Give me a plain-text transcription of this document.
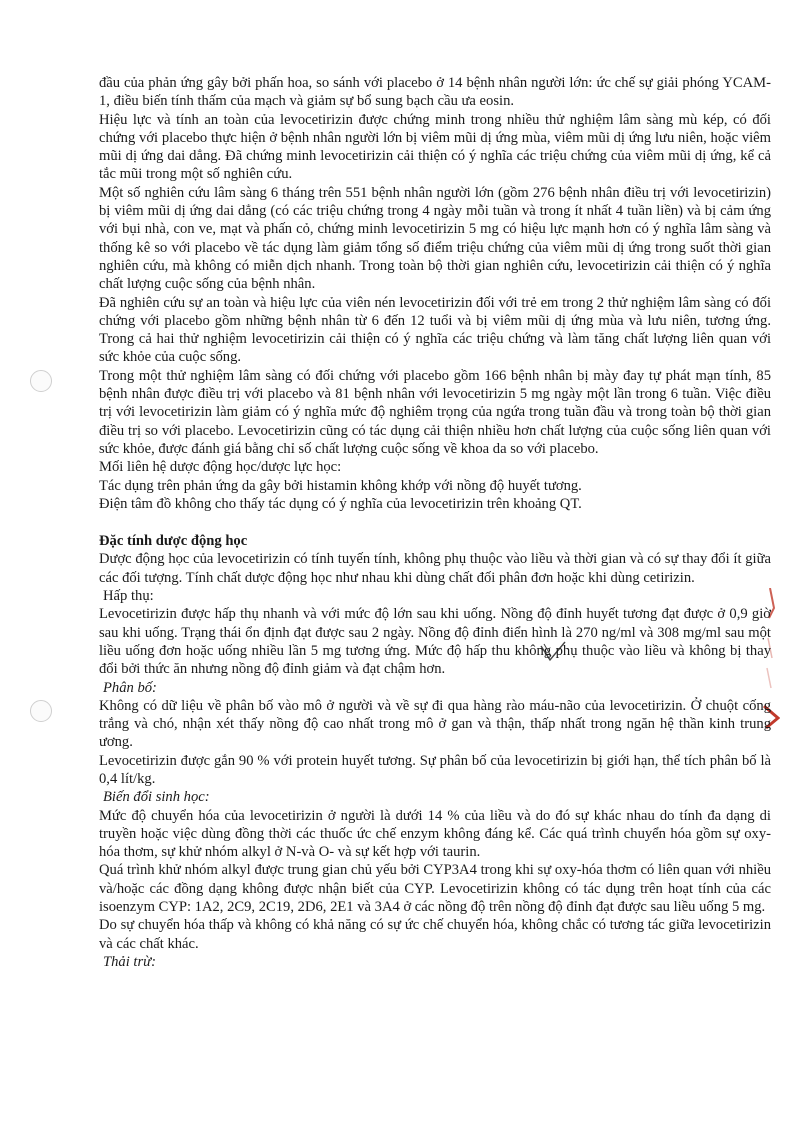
đầu của phản ứng gây bởi phấn hoa, so sánh với placebo ở 14 bệnh nhân người lớn: ức chế sự giải phóng YCAM-1, điều biến tính thấm của mạch và giảm sự bổ sung bạch cầu ưa eosin.

Hiệu lực và tính an toàn của levocetirizin được chứng minh trong nhiều thử nghiệm lâm sàng mù kép, có đối chứng với placebo thực hiện ở bệnh nhân người lớn bị viêm mũi dị ứng mùa, viêm mũi dị ứng lưu niên, hoặc viêm mũi dị ứng dai dẳng. Đã chứng minh levocetirizin cải thiện có ý nghĩa các triệu chứng của viêm mũi dị ứng, kể cả tắc mũi trong một số nghiên cứu.

Một số nghiên cứu lâm sàng 6 tháng trên 551 bệnh nhân người lớn (gồm 276 bệnh nhân điều trị với levocetirizin) bị viêm mũi dị ứng dai dẳng (có các triệu chứng trong 4 ngày mỗi tuần và trong ít nhất 4 tuần liền) và bị cảm ứng với bụi nhà, con ve, mạt và phấn cỏ, chứng minh levocetirizin 5 mg có hiệu lực mạnh hơn có ý nghĩa lâm sàng và thống kê so với placebo về tác dụng làm giảm tổng số điểm triệu chứng của viêm mũi dị ứng trong suốt thời gian nghiên cứu, mà không có miễn dịch nhanh. Trong toàn bộ thời gian nghiên cứu, levocetirizin cải thiện có ý nghĩa chất lượng cuộc sống của bệnh nhân.

Đã nghiên cứu sự an toàn và hiệu lực của viên nén levocetirizin đối với trẻ em trong 2 thử nghiệm lâm sàng có đối chứng với placebo gồm những bệnh nhân từ 6 đến 12 tuổi và bị viêm mũi dị ứng mùa và lưu niên, tương ứng. Trong cả hai thử nghiệm levocetirizin cải thiện có ý nghĩa các triệu chứng và làm tăng chất lượng liên quan với sức khỏe của cuộc sống.

Trong một thử nghiệm lâm sàng có đối chứng với placebo gồm 166 bệnh nhân bị mày đay tự phát mạn tính, 85 bệnh nhân được điều trị với placebo và 81 bệnh nhân với levocetirizin 5 mg ngày một lần trong 6 tuần. Việc điều trị với levocetirizin làm giảm có ý nghĩa mức độ nghiêm trọng của ngứa trong tuần đầu và trong toàn bộ thời gian điều trị so với placebo. Levocetirizin cũng có tác dụng cải thiện nhiều hơn chất lượng của cuộc sống liên quan với sức khỏe, được đánh giá bằng chỉ số chất lượng cuộc sống về khoa da so với placebo.

Mối liên hệ dược động học/dược lực học:

Tác dụng trên phản ứng da gây bởi histamin không khớp với nồng độ huyết tương.

Điện tâm đồ không cho thấy tác dụng có ý nghĩa của levocetirizin trên khoảng QT.

Đặc tính dược động học

Dược động học của levocetirizin có tính tuyến tính, không phụ thuộc vào liều và thời gian và có sự thay đổi ít giữa các đối tượng. Tính chất dược động học như nhau khi dùng chất đối phân đơn hoặc khi dùng cetirizin.

Hấp thụ:

Levocetirizin được hấp thụ nhanh và với mức độ lớn sau khi uống. Nồng độ đỉnh huyết tương đạt được ở 0,9 giờ sau khi uống. Trạng thái ổn định đạt được sau 2 ngày. Nồng độ đỉnh điển hình là 270 ng/ml và 308 mg/ml sau một liều uống đơn hoặc uống nhiều lần 5 mg tương ứng. Mức độ hấp thu không phụ thuộc vào liều và không bị thay đổi bởi thức ăn nhưng nồng độ đỉnh giảm và đạt chậm hơn.

Phân bố:

Không có dữ liệu về phân bố vào mô ở người và về sự đi qua hàng rào máu-não của levocetirizin. Ở chuột cống trắng và chó, nhận xét thấy nồng độ cao nhất trong mô ở gan và thận, thấp nhất trong ngăn hệ thần kinh trung ương.

Levocetirizin được gắn 90 % với protein huyết tương. Sự phân bố của levocetirizin bị giới hạn, thể tích phân bố là 0,4 lít/kg.

Biến đổi sinh học:

Mức độ chuyển hóa của levocetirizin ở người là dưới 14 % của liều và do đó sự khác nhau do tính đa dạng di truyền hoặc việc dùng đồng thời các thuốc ức chế enzym không đáng kể. Các quá trình chuyển hóa gồm sự oxy-hóa thơm, sự khử nhóm alkyl ở N-và O- và sự kết hợp với taurin.

Quá trình khử nhóm alkyl được trung gian chủ yếu bởi CYP3A4 trong khi sự oxy-hóa thơm có liên quan với nhiều và/hoặc các đồng dạng không được nhận biết của CYP. Levocetirizin không có tác dụng trên hoạt tính của các isoenzym CYP: 1A2, 2C9, 2C19, 2D6, 2E1 và 3A4 ở các nồng độ trên nồng độ đỉnh đạt được sau liều uống 5 mg.

Do sự chuyển hóa thấp và không có khả năng có sự ức chế chuyển hóa, không chắc có tương tác giữa levocetirizin và các chất khác.

Thải trừ:
